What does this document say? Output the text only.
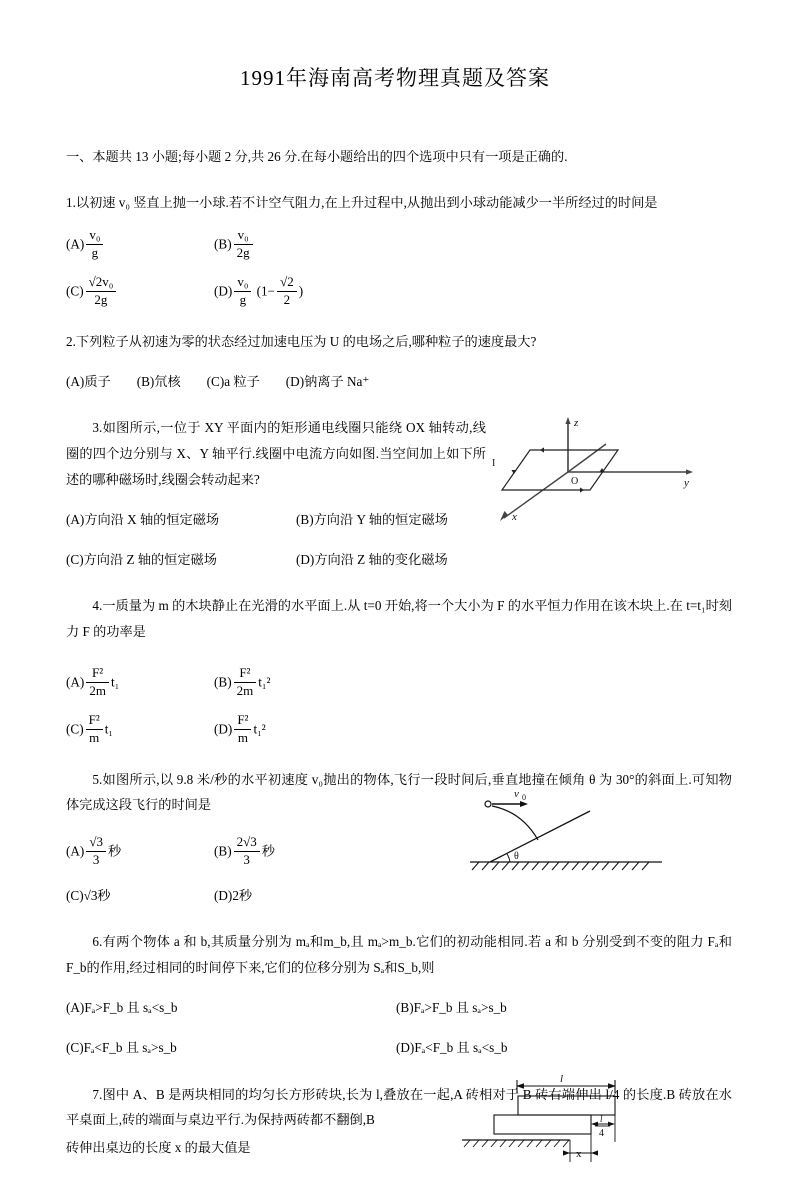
1991年海南高考物理真题及答案
一、本题共 13 小题;每小题 2 分,共 26 分.在每小题给出的四个选项中只有一项是正确的.
1.以初速 v₀ 竖直上抛一小球.若不计空气阻力,在上升过程中,从抛出到小球动能减少一半所经过的时间是
$(A) \frac{\text{v₀}}{g}$	$(B) \frac{\text{v₀}}{2g}$
$(C) \frac{\text{√2v₀}}{2g}$	$(D) \frac{\text{v₀}}{g} (1- \frac{√2}{2}$ )
2.下列粒子从初速为零的状态经过加速电压为 U 的电场之后,哪种粒子的速度最大?
(A)质子 (B)氘核 (C)a 粒子 (D)钠离子 Na⁺
3.如图所示,一位于 XY 平面内的矩形通电线圈只能绕 OX 轴转动,线圈的四个边分别与 X、Y 轴平行.线圈中电流方向如图.当空间加上如下所述的哪种磁场时,线圈会转动起来?
(A)方向沿 X 轴的恒定磁场	(B)方向沿 Y 轴的恒定磁场
(C)方向沿 Z 轴的恒定磁场	(D)方向沿 Z 轴的变化磁场
4.一质量为 m 的木块静止在光滑的水平面上.从 t=0 开始,将一个大小为 F 的水平恒力作用在该木块上.在 t=t₁时刻力 F 的功率是
$(A) \frac{\text{F²}}{2m} t_1$	$(B) \frac{\text{F²}}{2m} t_1^2$
$(C) \frac{\text{F²}}{m} t_1$	$(D) \frac{\text{F²}}{m} t_1^2$
5.如图所示,以 9.8 米/秒的水平初速度 v₀抛出的物体,飞行一段时间后,垂直地撞在倾角 θ 为 30°的斜面上.可知物体完成这段飞行的时间是
$(A) \frac{√3}{3}$ 秒	$(B) \frac{2√3}{3}$ 秒
(C)√3秒	(D)2秒
6.有两个物体 a 和 b,其质量分别为 mₐ和m_b,且 mₐ>m_b.它们的初动能相同.若 a 和 b 分别受到不变的阻力 Fₐ和F_b的作用,经过相同的时间停下来,它们的位移分别为 Sₐ和S_b,则
(A)Fₐ>F_b 且 sₐ<s_b	(B)Fₐ>F_b 且 sₐ>s_b
(C)Fₐ<F_b 且 sₐ>s_b	(D)Fₐ<F_b 且 sₐ<s_b
7.图中 A、B 是两块相同的均匀长方形砖块,长为 l,叠放在一起,A 砖相对于 B 砖右端伸出 l/4 的长度.B 砖放在水平桌面上,砖的端面与桌边平行.为保持两砖都不翻倒,B
砖伸出桌边的长度 x 的最大值是
z
y
x
O
I
θ
v 0
l
l
4
x
